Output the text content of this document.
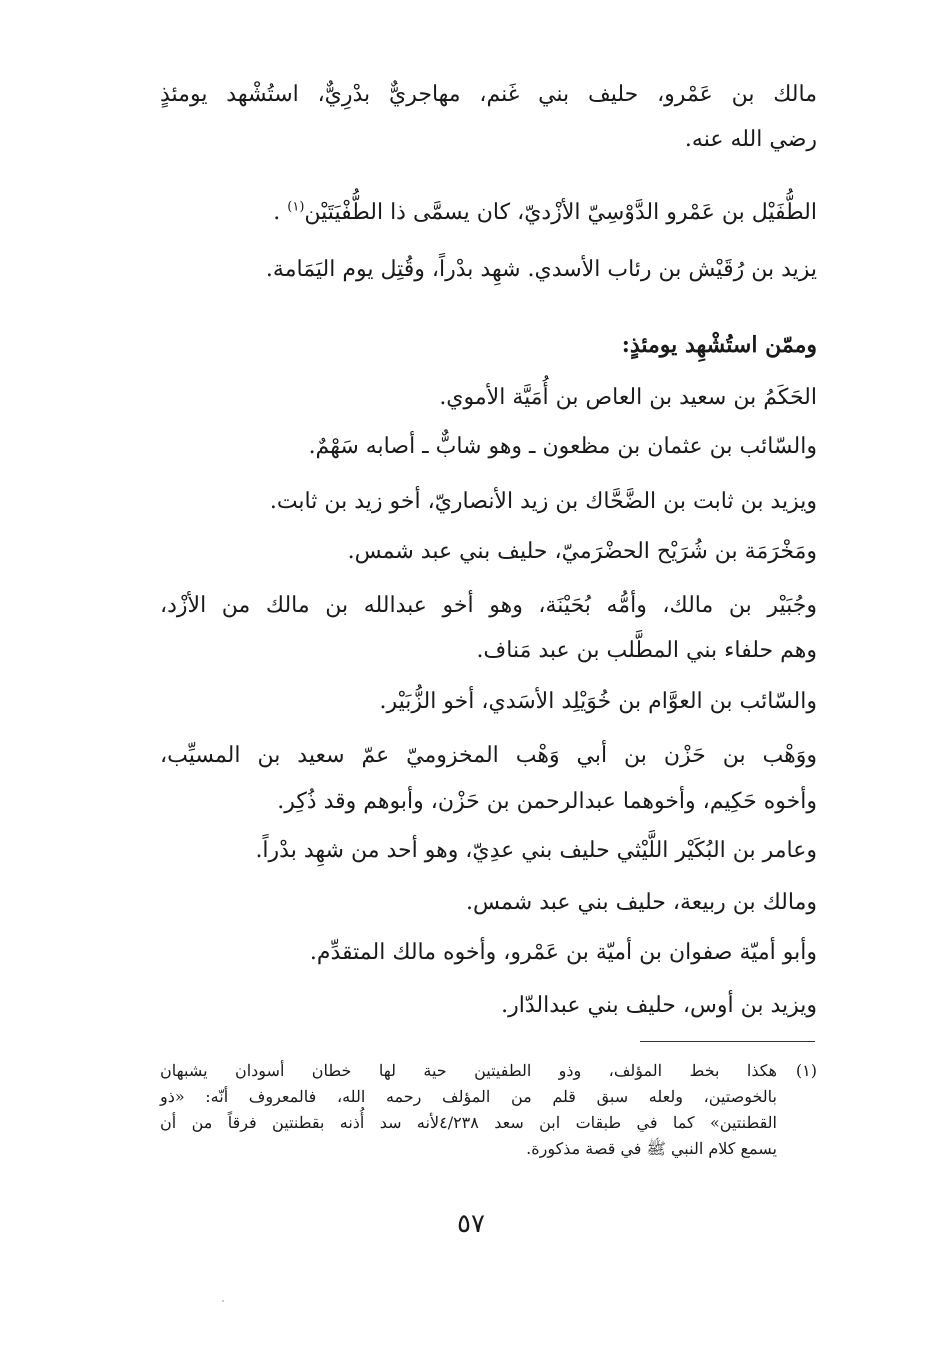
مالك بن عَمْرو، حليف بني غَنم، مهاجريٌّ بدْرِيٌّ، استُشْهد يومئذٍ
رضي الله عنه.
الطُّفَيْل بن عَمْرو الدَّوْسِيّ الأزْديّ، كان يسمَّى ذا الطُّفْيَتَيْن$^{(١)}$ .
يزيد بن رُقَيْش بن رئاب الأسدي. شهِد بدْراً، وقُتِل يوم اليَمَامة.
وممّن استُشْهِد يومئذٍ:
الحَكَمُ بن سعيد بن العاص بن أُمَيَّة الأموي.
والسّائب بن عثمان بن مظعون ـ وهو شابٌّ ـ أصابه سَهْمٌ.
ويزيد بن ثابت بن الضَّحَّاك بن زيد الأنصاريّ، أخو زيد بن ثابت.
ومَخْرَمَة بن شُرَيْح الحضْرَميّ، حليف بني عبد شمس.
وجُبَيْر بن مالك، وأمُّه بُحَيْنَة، وهو أخو عبدالله بن مالك من الأزْد،
وهم حلفاء بني المطَّلب بن عبد مَناف.
والسّائب بن العوَّام بن خُوَيْلِد الأسَدي، أخو الزُّبَيْر.
ووَهْب بن حَزْن بن أبي وَهْب المخزوميّ عمّ سعيد بن المسيِّب،
وأخوه حَكِيم، وأخوهما عبدالرحمن بن حَزْن، وأبوهم وقد ذُكِر.
وعامر بن البُكَيْر اللَّيْثي حليف بني عدِيّ، وهو أحد من شهِد بدْراً.
ومالك بن ربيعة، حليف بني عبد شمس.
وأبو أميّة صفوان بن أميّة بن عَمْرو، وأخوه مالك المتقدِّم.
ويزيد بن أوس، حليف بني عبدالدّار.
(١)
هكذا بخط المؤلف، وذو الطفيتين حية لها خطان أسودان يشبهان
بالخوصتين، ولعله سبق قلم من المؤلف رحمه الله، فالمعروف أنّه: «ذو
القطنتين» كما في طبقات ابن سعد ٤/٢٣٨لأنه سد أُذنه بقطنتين فرقاً من أن
يسمع كلام النبي ﷺ في قصة مذكورة.
٥٧
